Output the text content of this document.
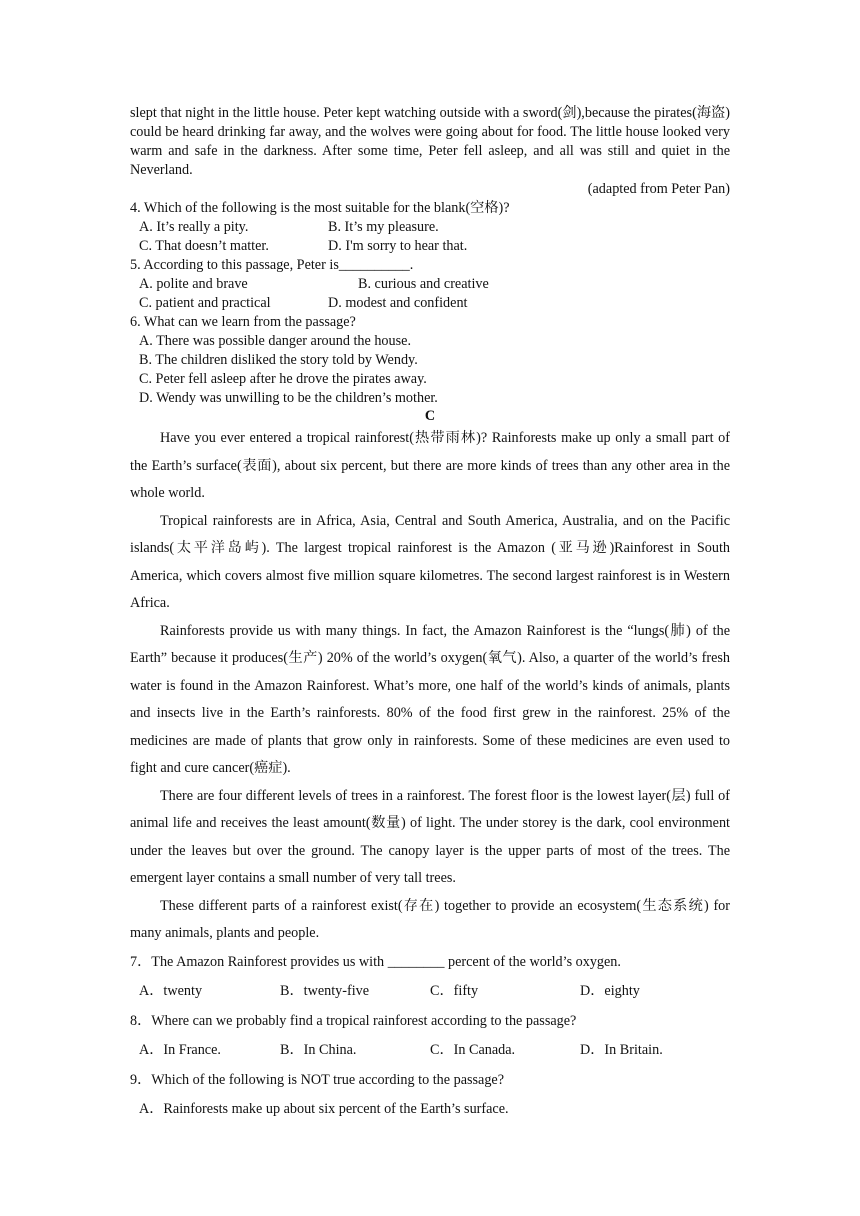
slept that night in the little house. Peter kept watching outside with a sword(剑),because the pirates(海盗) could be heard drinking far away, and the wolves were going about for food. The little house looked very warm and safe in the darkness. After some time, Peter fell asleep, and all was still and quiet in the Neverland.

(adapted from Peter Pan)
4. Which of the following is the most suitable for the blank(空格)?
A. It’s really a pity.	B. It’s my pleasure.
C. That doesn’t matter.	D. I'm sorry to hear that.
5. According to this passage, Peter is__________.
A. polite and brave	B. curious and creative
C. patient and practical	D. modest and confident
6. What can we learn from the passage?
A. There was possible danger around the house.
B. The children disliked the story told by Wendy.
C. Peter fell asleep after he drove the pirates away.
D. Wendy was unwilling to be the children’s mother.
C

Have you ever entered a tropical rainforest(热带雨林)? Rainforests make up only a small part of the Earth’s surface(表面), about six percent, but there are more kinds of trees than any other area in the whole world.

Tropical rainforests are in Africa, Asia, Central and South America, Australia, and on the Pacific islands(太平洋岛屿). The largest tropical rainforest is the Amazon (亚马逊)Rainforest in South America, which covers almost five million square kilometres. The second largest rainforest is in Western Africa.

Rainforests provide us with many things. In fact, the Amazon Rainforest is the “lungs(肺) of the Earth” because it produces(生产) 20% of the world’s oxygen(氧气). Also, a quarter of the world’s fresh water is found in the Amazon Rainforest. What’s more, one half of the world’s kinds of animals, plants and insects live in the Earth’s rainforests. 80% of the food first grew in the rainforest. 25% of the medicines are made of plants that grow only in rainforests. Some of these medicines are even used to fight and cure cancer(癌症).

There are four different levels of trees in a rainforest. The forest floor is the lowest layer(层) full of animal life and receives the least amount(数量) of light. The under storey is the dark, cool environment under the leaves but over the ground. The canopy layer is the upper parts of most of the trees. The emergent layer contains a small number of very tall trees.

These different parts of a rainforest exist(存在) together to provide an ecosystem(生态系统) for many animals, plants and people.

7．The Amazon Rainforest provides us with ________ percent of the world’s oxygen.
A．twenty	B．twenty-five	C．fifty	D．eighty
8．Where can we probably find a tropical rainforest according to the passage?
A．In France.	B．In China.	C．In Canada.	D．In Britain.
9．Which of the following is NOT true according to the passage?
A．Rainforests make up about six percent of the Earth’s surface.
